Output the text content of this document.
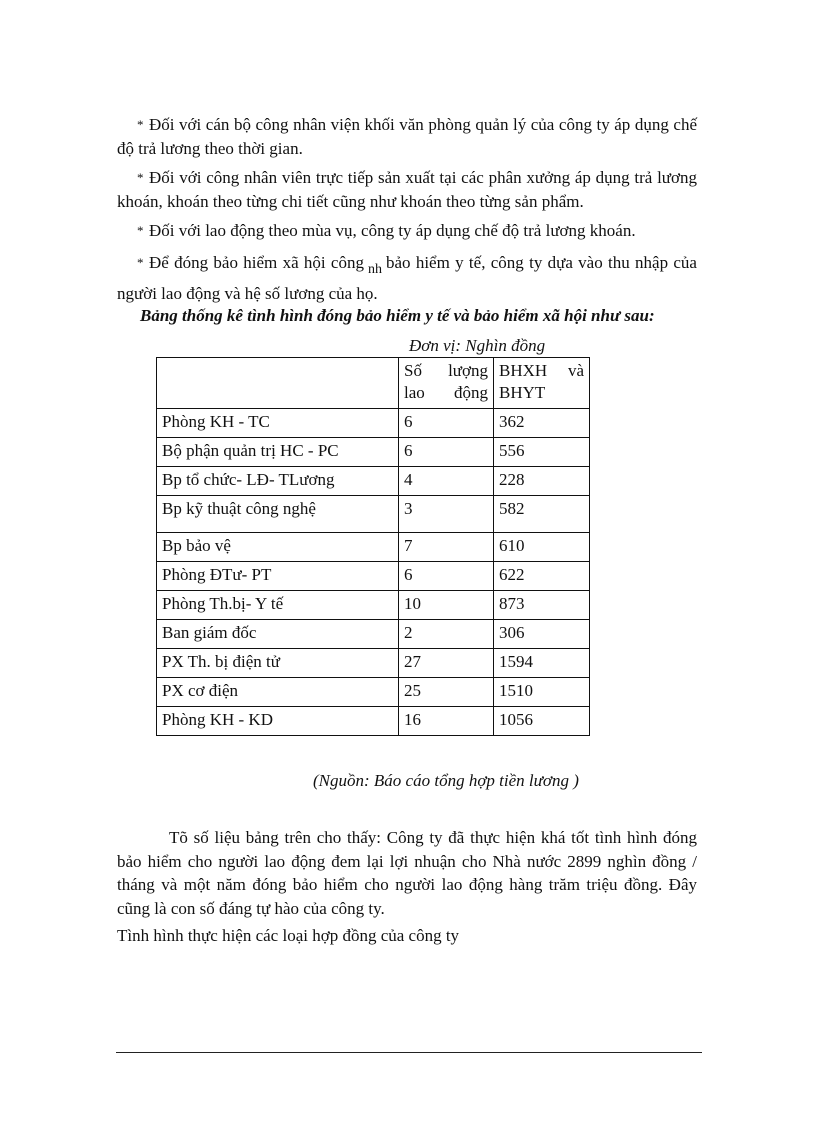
* Đối với cán bộ công nhân viện khối văn phòng quản lý của công ty áp dụng chế độ trả lương theo thời gian.
* Đối với công nhân viên trực tiếp sản xuất tại các phân xưởng áp dụng trả lương khoán, khoán theo từng chi tiết cũng như khoán theo từng sản phẩm.
* Đối với lao động theo mùa vụ, công ty áp dụng chế độ trả lương khoán.
* Để đóng bảo hiểm xã hội công $_{nh}$ bảo hiểm y tế, công ty dựa vào thu nhập của người lao động và hệ số lương của họ.
Bảng thống kê tình hình đóng bảo hiểm y tế và bảo hiểm xã hội như sau:
Đơn vị: Nghìn đồng

	Số lượng lao động	BHXH và BHYT

Phòng KH - TC	6	362
Bộ phận quản trị HC - PC	6	556
Bp tổ chức- LĐ- TLương	4	228
Bp kỹ thuật công nghệ	3	582
Bp bảo vệ	7	610
Phòng ĐTư- PT	6	622
Phòng Th.bị- Y tế	10	873
Ban giám đốc	2	306
PX Th. bị điện tử	27	1594
PX cơ điện	25	1510
Phòng KH - KD	16	1056
(Nguồn: Báo cáo tổng hợp tiền lương )
Tõ số liệu bảng trên cho thấy: Công ty đã thực hiện khá tốt tình hình đóng bảo hiểm cho người lao động đem lại lợi nhuận cho Nhà nước 2899 nghìn đồng / tháng và một năm đóng bảo hiểm cho người lao động hàng trăm triệu đồng. Đây cũng là con số đáng tự hào của công ty.
Tình hình thực hiện các loại hợp đồng của công ty
